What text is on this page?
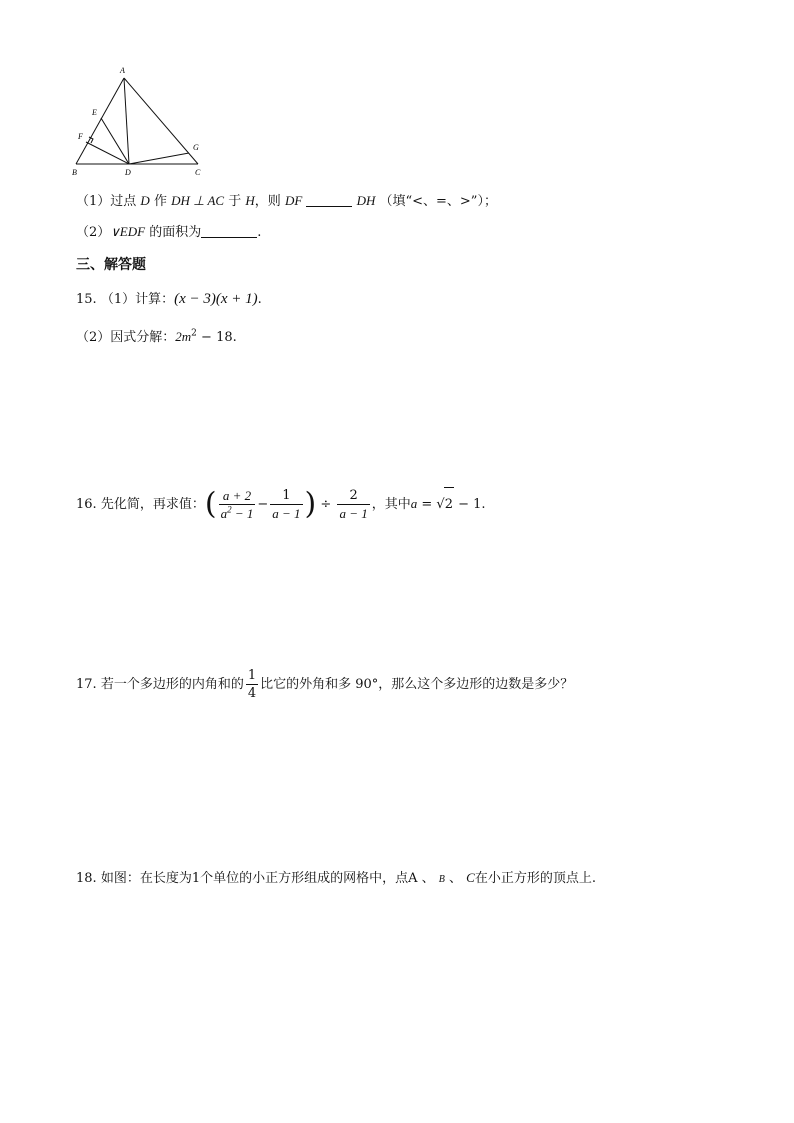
A
E
F
G
B	D	C
（1）过点 D 作 DH ⊥ AC 于 H，则 DF	DH （填“<、=、>”）；
（2）∨EDF 的面积为	.
三、解答题
15. （1）计算：(x − 3)(x + 1).
（2）因式分解：$2m^2 - 18$.
16. 先化简，再求值：( $\frac{a + 2}{a^2 - 1} - \frac{1}{a - 1}$ ) ÷ $\frac{2}{a - 1}$ ，其中a = √2 − 1.
17. 若一个多边形的内角和的 $\frac{1}{4}$ 比它的外角和多 90°，那么这个多边形的边数是多少？
18. 如图：在长度为1个单位的小正方形组成的网格中，点A 、 B 、 C在小正方形的顶点上.
